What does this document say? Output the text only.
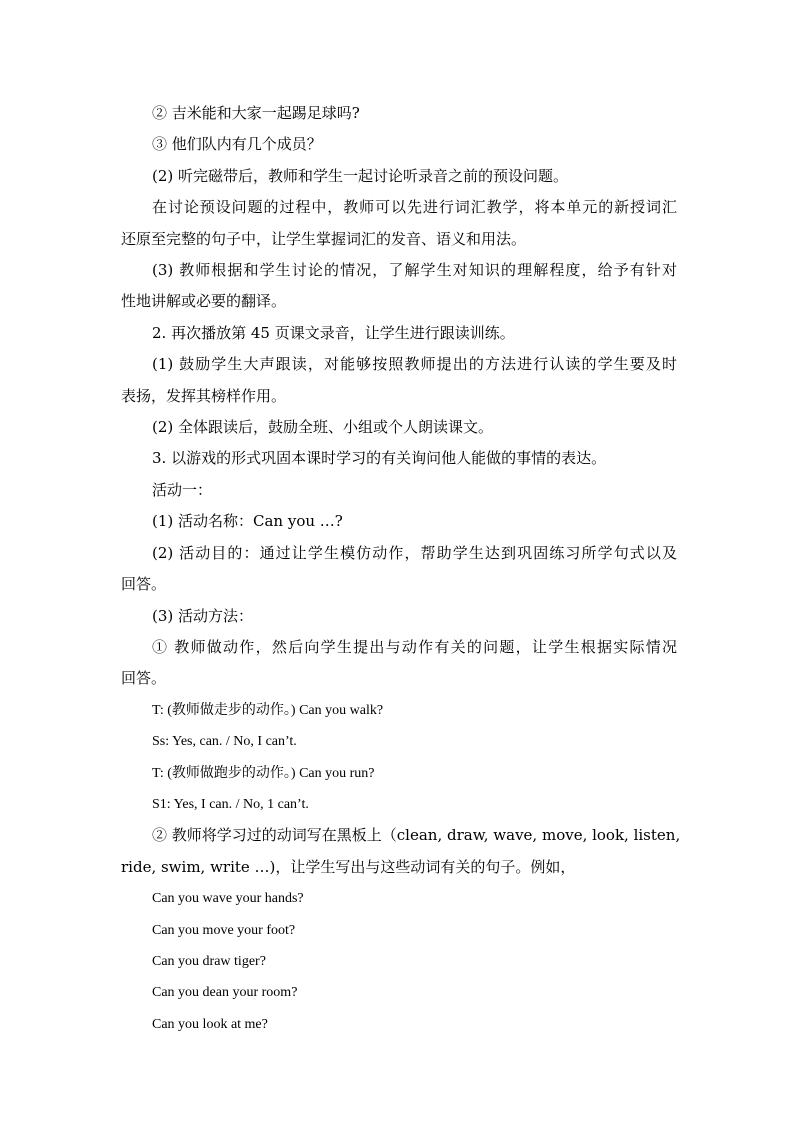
② 吉米能和大家一起踢足球吗?
③ 他们队内有几个成员？
(2) 听完磁带后，教师和学生一起讨论听录音之前的预设问题。
在讨论预设问题的过程中，教师可以先进行词汇教学，将本单元的新授词汇
还原至完整的句子中，让学生掌握词汇的发音、语义和用法。
(3) 教师根据和学生讨论的情况，了解学生对知识的理解程度，给予有针对
性地讲解或必要的翻译。
2. 再次播放第 45 页课文录音，让学生进行跟读训练。
(1) 鼓励学生大声跟读，对能够按照教师提出的方法进行认读的学生要及时
表扬，发挥其榜样作用。
(2) 全体跟读后，鼓励全班、小组或个人朗读课文。
3. 以游戏的形式巩固本课时学习的有关询问他人能做的事情的表达。
活动一：
(1) 活动名称：Can you …?
(2) 活动目的：通过让学生模仿动作，帮助学生达到巩固练习所学句式以及
回答。
(3) 活动方法：
① 教师做动作，然后向学生提出与动作有关的问题，让学生根据实际情况
回答。
T: (教师做走步的动作。) Can you walk?
Ss: Yes, can. / No, I can’t.
T: (教师做跑步的动作。) Can you run?
S1: Yes, I can. / No, 1 can’t.
② 教师将学习过的动词写在黑板上（clean, draw, wave, move, look, listen,
ride, swim, write …)，让学生写出与这些动词有关的句子。例如，
Can you wave your hands?
Can you move your foot?
Can you draw tiger?
Can you dean your room?
Can you look at me?
